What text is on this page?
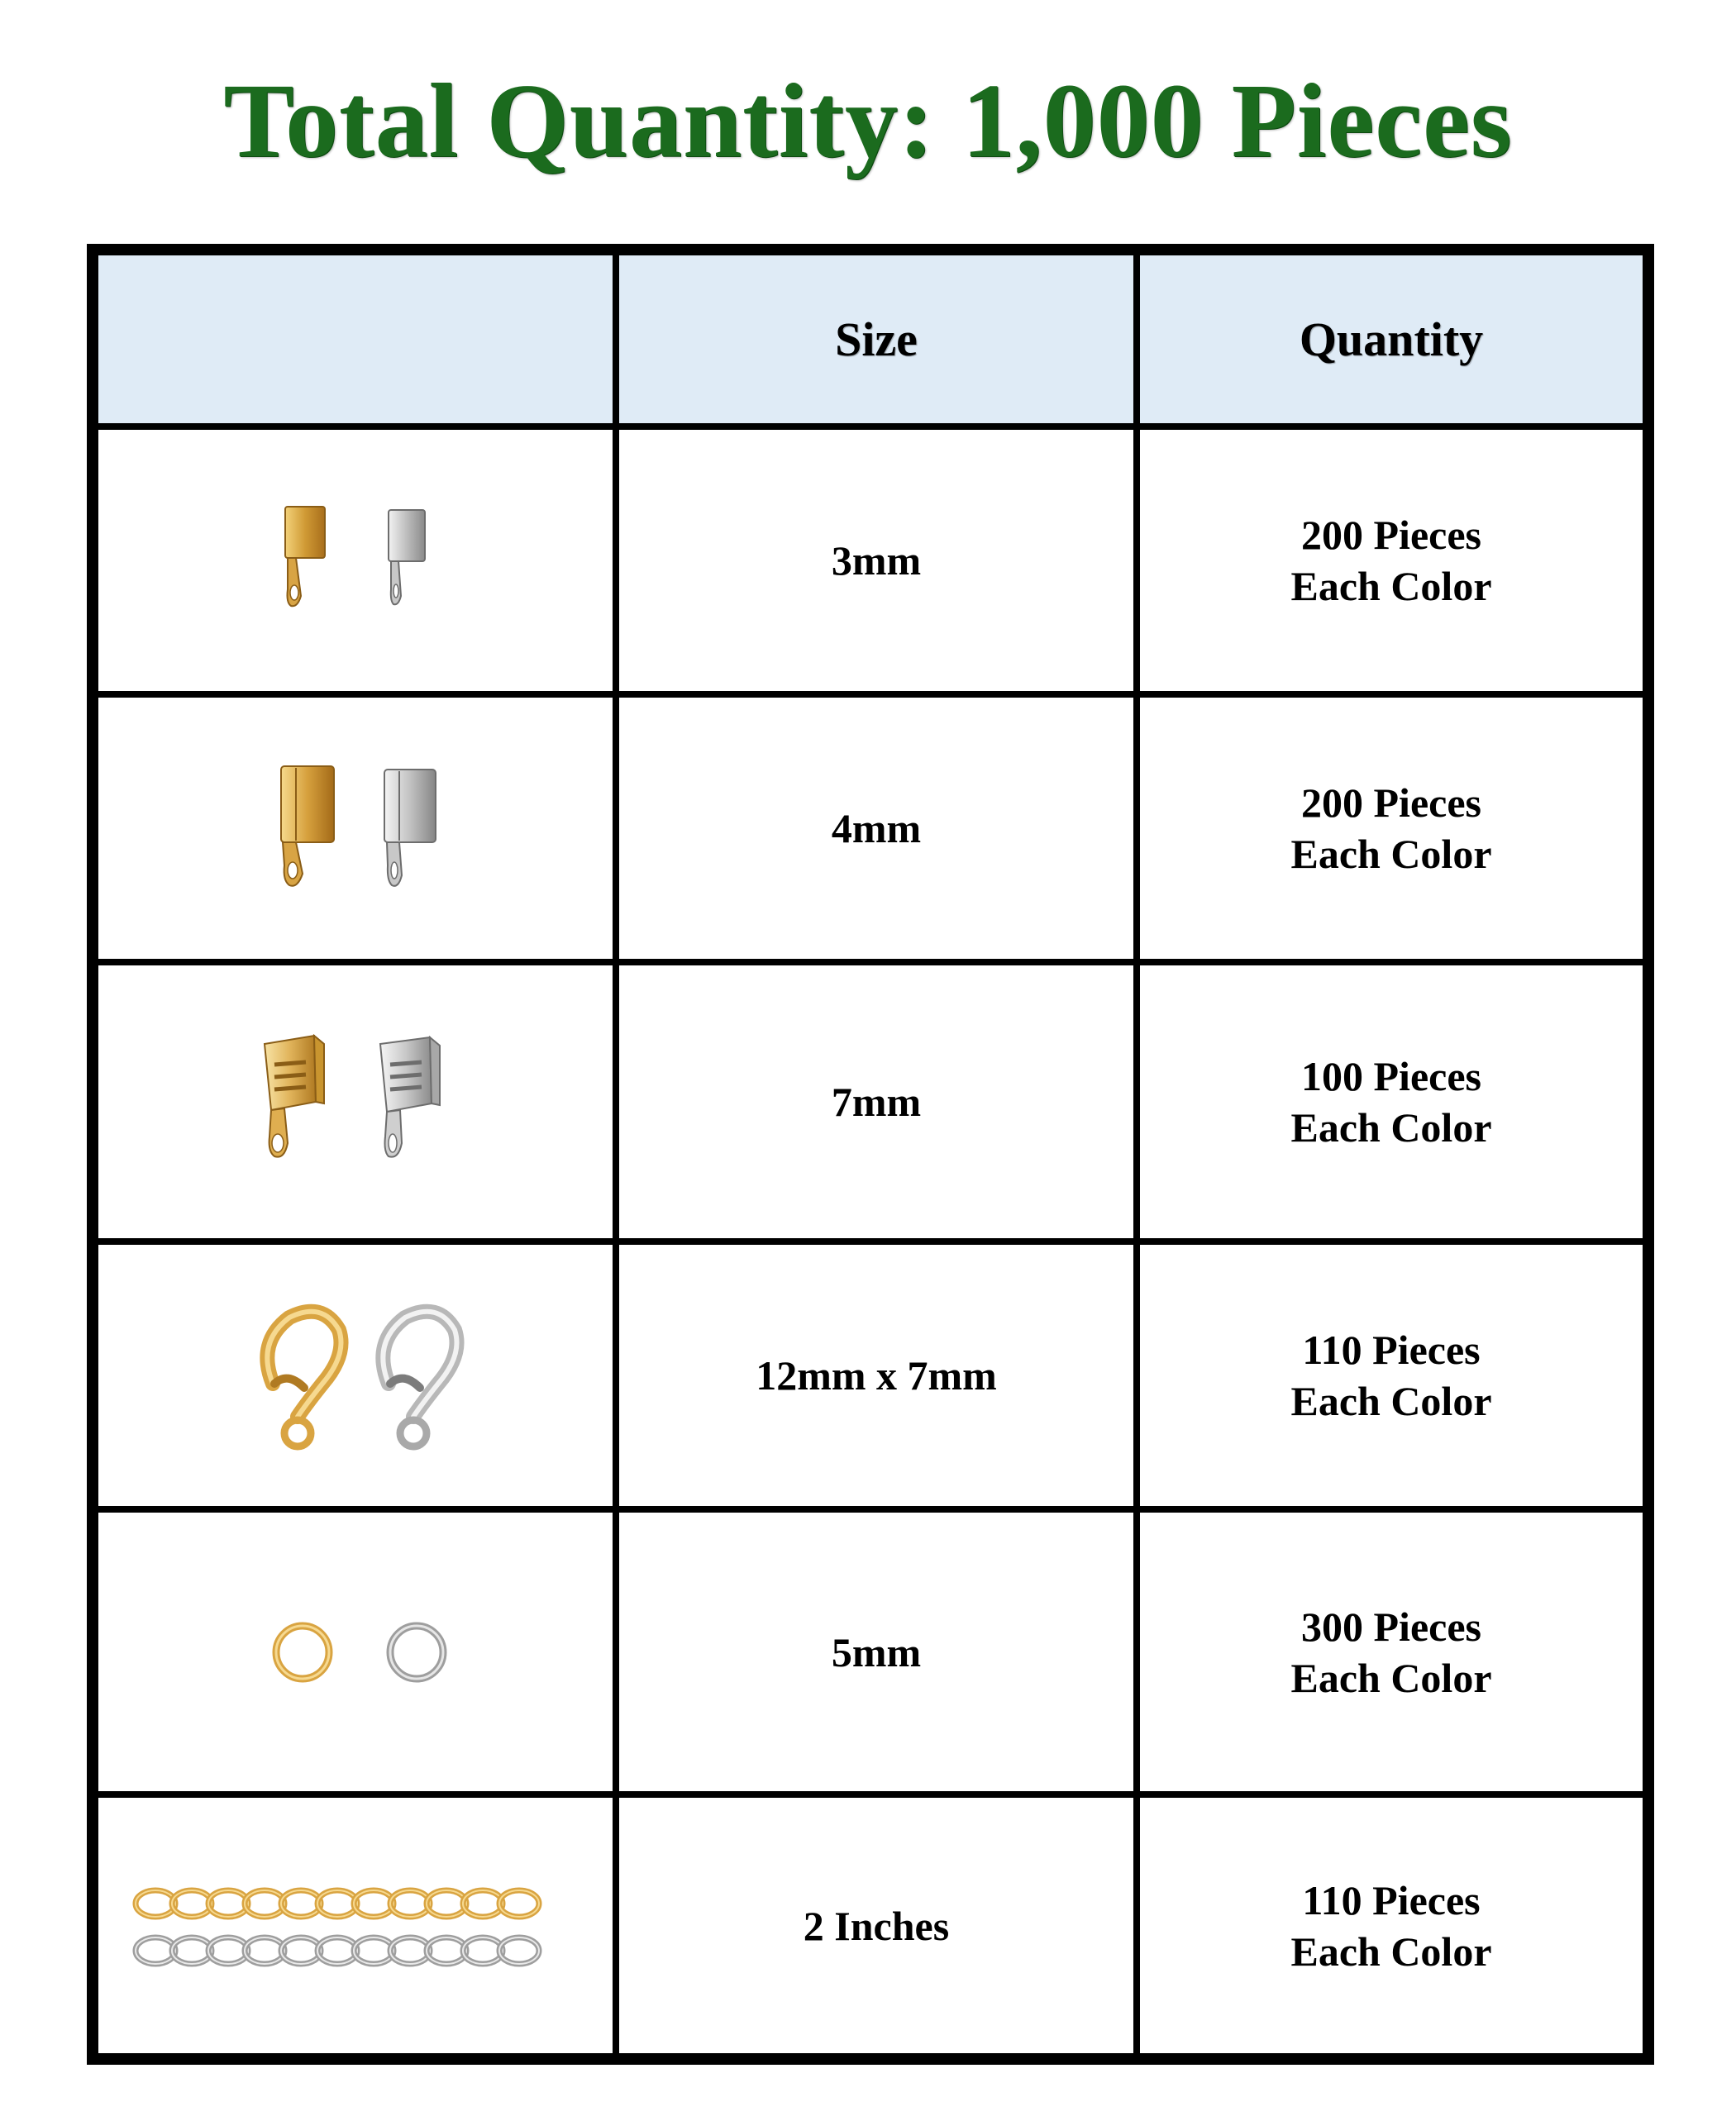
Total Quantity: 1,000 Pieces
Size	Quantity
3mm
200 Pieces
Each Color
4mm
200 Pieces
Each Color
7mm
100 Pieces
Each Color
12mm x 7mm
110 Pieces
Each Color
5mm
300 Pieces
Each Color
2 Inches
110 Pieces
Each Color
